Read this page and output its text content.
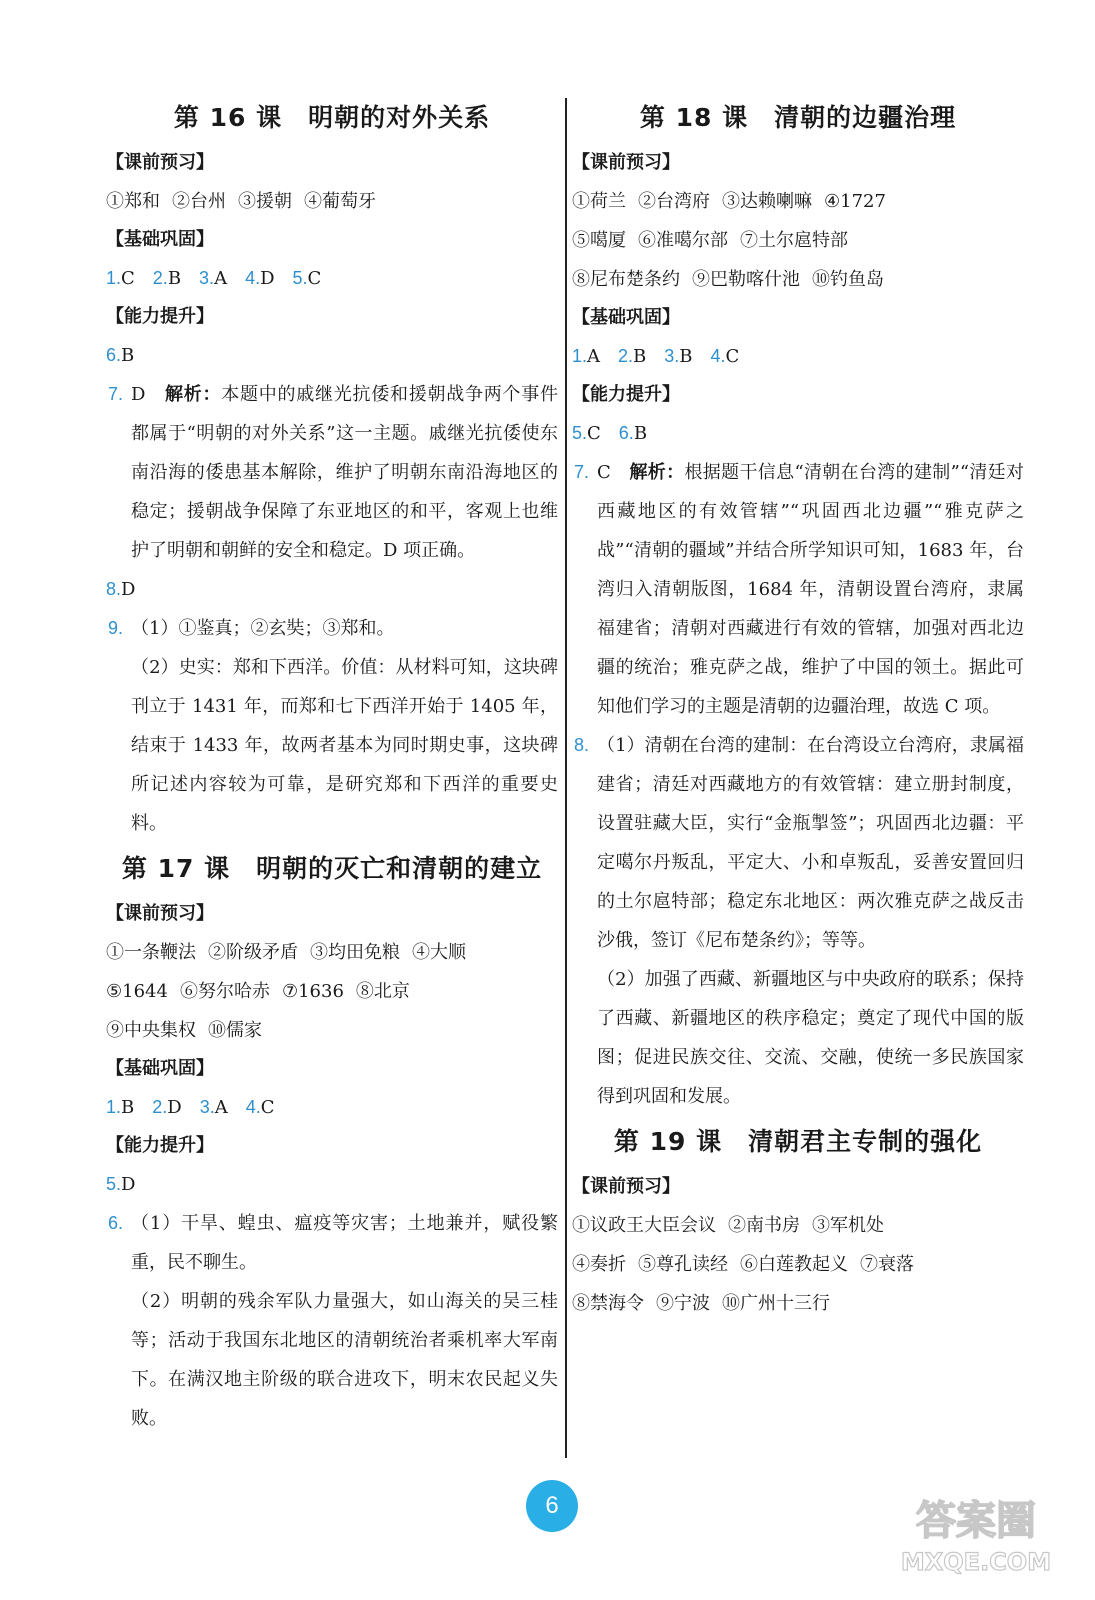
第 16 课　明朝的对外关系
【课前预习】
①郑和 ②台州 ③援朝 ④葡萄牙
【基础巩固】
1.C 2.B 3.A 4.D 5.C
【能力提升】
6.B
7. D　 解析：本题中的戚继光抗倭和援朝战争两个事件都属于“明朝的对外关系”这一主题。戚继光抗倭使东南沿海的倭患基本解除，维护了明朝东南沿海地区的稳定；援朝战争保障了东亚地区的和平，客观上也维护了明朝和朝鲜的安全和稳定。D 项正确。

8.D
9. （1）①鉴真；②玄奘；③郑和。

（2）史实：郑和下西洋。价值：从材料可知，这块碑刊立于 1431 年，而郑和七下西洋开始于 1405 年，结束于 1433 年，故两者基本为同时期史事，这块碑所记述内容较为可靠，是研究郑和下西洋的重要史料。

第 17 课　明朝的灭亡和清朝的建立
【课前预习】
①一条鞭法 ②阶级矛盾 ③均田免粮 ④大顺
⑤1644 ⑥努尔哈赤 ⑦1636 ⑧北京
⑨中央集权 ⑩儒家
【基础巩固】
1.B 2.D 3.A 4.C
【能力提升】
5.D
6. （1）干旱、蝗虫、瘟疫等灾害；土地兼并，赋役繁重，民不聊生。

（2）明朝的残余军队力量强大，如山海关的吴三桂等；活动于我国东北地区的清朝统治者乘机率大军南下。在满汉地主阶级的联合进攻下，明末农民起义失败。

第 18 课　清朝的边疆治理
【课前预习】
①荷兰 ②台湾府 ③达赖喇嘛 ④1727
⑤噶厦 ⑥准噶尔部 ⑦土尔扈特部
⑧尼布楚条约 ⑨巴勒喀什池 ⑩钓鱼岛
【基础巩固】
1.A 2.B 3.B 4.C
【能力提升】
5.C 6.B
7. C　 解析：根据题干信息“清朝在台湾的建制”“清廷对西藏地区的有效管辖”“巩固西北边疆”“雅克萨之战”“清朝的疆域”并结合所学知识可知，1683 年，台湾归入清朝版图，1684 年，清朝设置台湾府，隶属福建省；清朝对西藏进行有效的管辖，加强对西北边疆的统治；雅克萨之战，维护了中国的领土。据此可知他们学习的主题是清朝的边疆治理，故选 C 项。

8. （1）清朝在台湾的建制：在台湾设立台湾府，隶属福建省；清廷对西藏地方的有效管辖：建立册封制度，设置驻藏大臣，实行“金瓶掣签”；巩固西北边疆：平定噶尔丹叛乱，平定大、小和卓叛乱，妥善安置回归的土尔扈特部；稳定东北地区：两次雅克萨之战反击沙俄，签订《尼布楚条约》；等等。

（2）加强了西藏、新疆地区与中央政府的联系；保持了西藏、新疆地区的秩序稳定；奠定了现代中国的版图；促进民族交往、交流、交融，使统一多民族国家得到巩固和发展。

第 19 课　清朝君主专制的强化
【课前预习】
①议政王大臣会议 ②南书房 ③军机处
④奏折 ⑤尊孔读经 ⑥白莲教起义 ⑦衰落
⑧禁海令 ⑨宁波 ⑩广州十三行
6	答案圈
MXQE.COM
